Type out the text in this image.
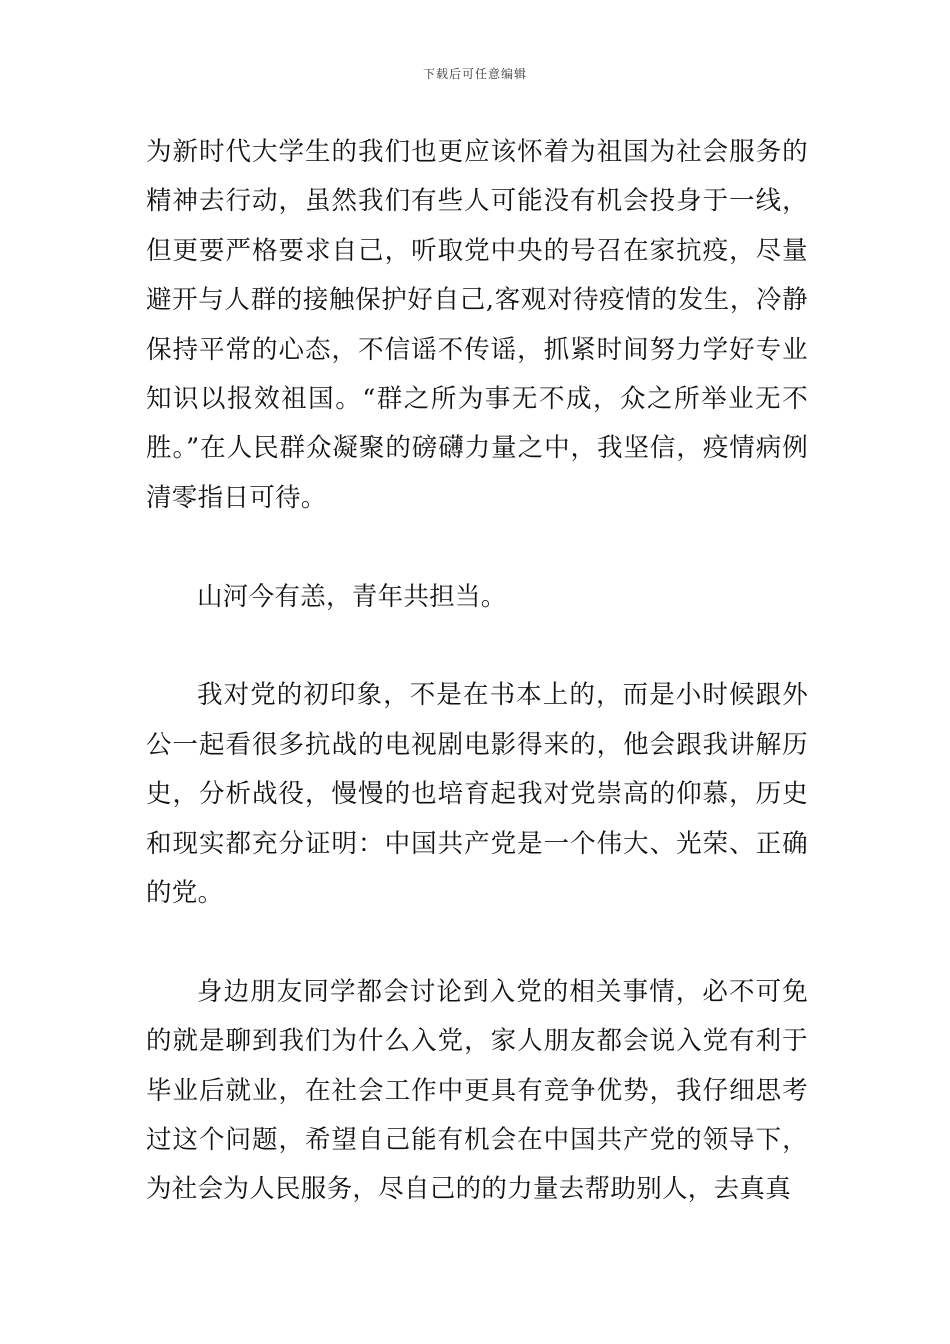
下载后可任意编辑

为新时代大学生的我们也更应该怀着为祖国为社会服务的精神去行动，虽然我们有些人可能没有机会投身于一线，但更要严格要求自己，听取党中央的号召在家抗疫，尽量避开与人群的接触保护好自己,客观对待疫情的发生，冷静保持平常的心态，不信谣不传谣，抓紧时间努力学好专业知识以报效祖国。“群之所为事无不成，众之所举业无不胜。”在人民群众凝聚的磅礴力量之中，我坚信，疫情病例清零指日可待。

山河今有恙，青年共担当。

我对党的初印象，不是在书本上的，而是小时候跟外公一起看很多抗战的电视剧电影得来的，他会跟我讲解历史，分析战役，慢慢的也培育起我对党崇高的仰慕，历史和现实都充分证明：中国共产党是一个伟大、光荣、正确的党。

身边朋友同学都会讨论到入党的相关事情，必不可免的就是聊到我们为什么入党，家人朋友都会说入党有利于毕业后就业，在社会工作中更具有竞争优势，我仔细思考过这个问题，希望自己能有机会在中国共产党的领导下，为社会为人民服务，尽自己的的力量去帮助别人，去真真
